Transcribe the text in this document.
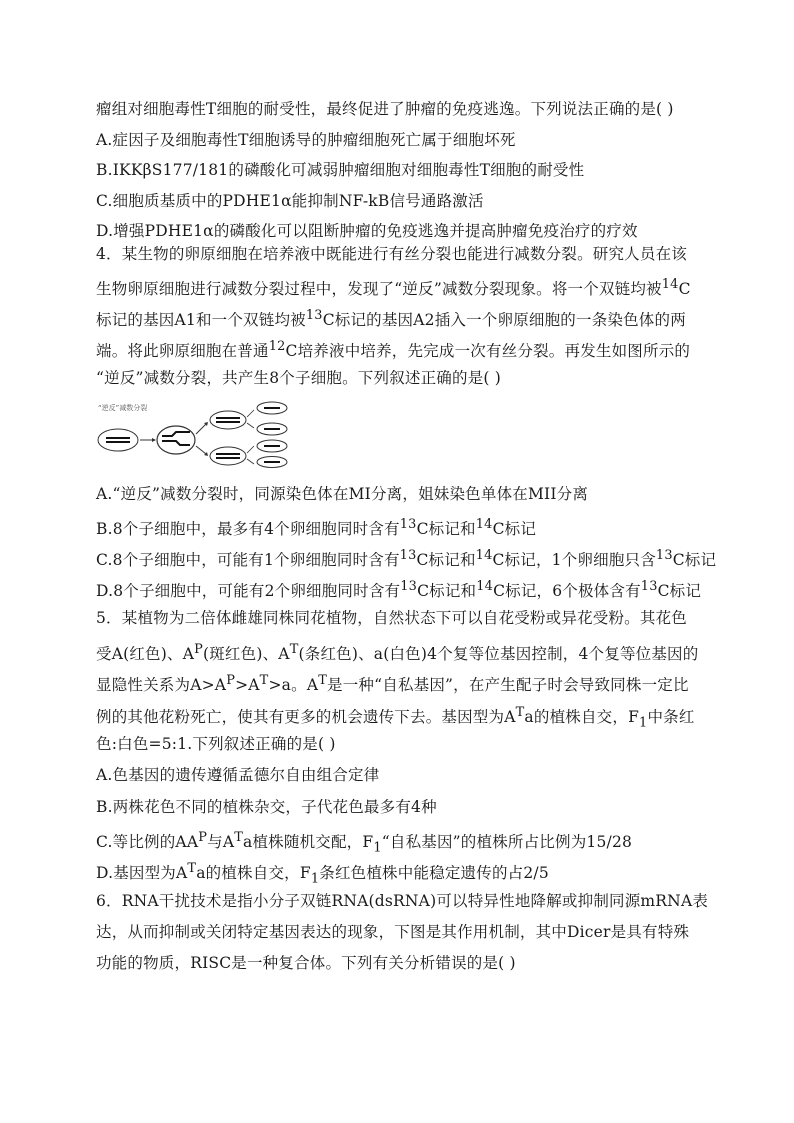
瘤组对细胞毒性T细胞的耐受性，最终促进了肿瘤的免疫逃逸。下列说法正确的是( )
A.症因子及细胞毒性T细胞诱导的肿瘤细胞死亡属于细胞坏死
B.IKKβS177/181的磷酸化可减弱肿瘤细胞对细胞毒性T细胞的耐受性
C.细胞质基质中的PDHE1α能抑制NF-kB信号通路激活
D.增强PDHE1α的磷酸化可以阻断肿瘤的免疫逃逸并提高肿瘤免疫治疗的疗效
4．某生物的卵原细胞在培养液中既能进行有丝分裂也能进行减数分裂。研究人员在该
生物卵原细胞进行减数分裂过程中，发现了“逆反”减数分裂现象。将一个双链均被$^{14}$C
标记的基因A1和一个双链均被$^{13}$C标记的基因A2插入一个卵原细胞的一条染色体的两
端。将此卵原细胞在普通$^{12}$C培养液中培养，先完成一次有丝分裂。再发生如图所示的
“逆反”减数分裂，共产生8个子细胞。下列叙述正确的是( )
“逆反”减数分裂
A.“逆反”减数分裂时，同源染色体在MI分离，姐妹染色单体在MII分离
B.8个子细胞中，最多有4个卵细胞同时含有$^{13}$C标记和$^{14}$C标记
C.8个子细胞中，可能有1个卵细胞同时含有$^{13}$C标记和$^{14}$C标记，1个卵细胞只含$^{13}$C标记
D.8个子细胞中，可能有2个卵细胞同时含有$^{13}$C标记和$^{14}$C标记，6个极体含有$^{13}$C标记
5．某植物为二倍体雌雄同株同花植物，自然状态下可以自花受粉或异花受粉。其花色
受A(红色)、$A^P$(斑红色)、$A^T$(条红色)、a(白色)4个复等位基因控制，4个复等位基因的
显隐性关系为$A>A^P>A^T>a$。$A^T$是一种“自私基因”，在产生配子时会导致同株一定比
例的其他花粉死亡，使其有更多的机会遗传下去。基因型为$A^Ta$的植株自交，$F_1$中条红
色:白色=5:1.下列叙述正确的是( )
A.色基因的遗传遵循孟德尔自由组合定律
B.两株花色不同的植株杂交，子代花色最多有4种
C.等比例的$AA^P$与$A^Ta$植株随机交配，$F_1“$自私基因”的植株所占比例为15/28
D.基因型为$A^Ta$的植株自交，$F_1$条红色植株中能稳定遗传的占2/5
6．RNA干扰技术是指小分子双链RNA(dsRNA)可以特异性地降解或抑制同源mRNA表
达，从而抑制或关闭特定基因表达的现象，下图是其作用机制，其中Dicer是具有特殊
功能的物质，RISC是一种复合体。下列有关分析错误的是( )
